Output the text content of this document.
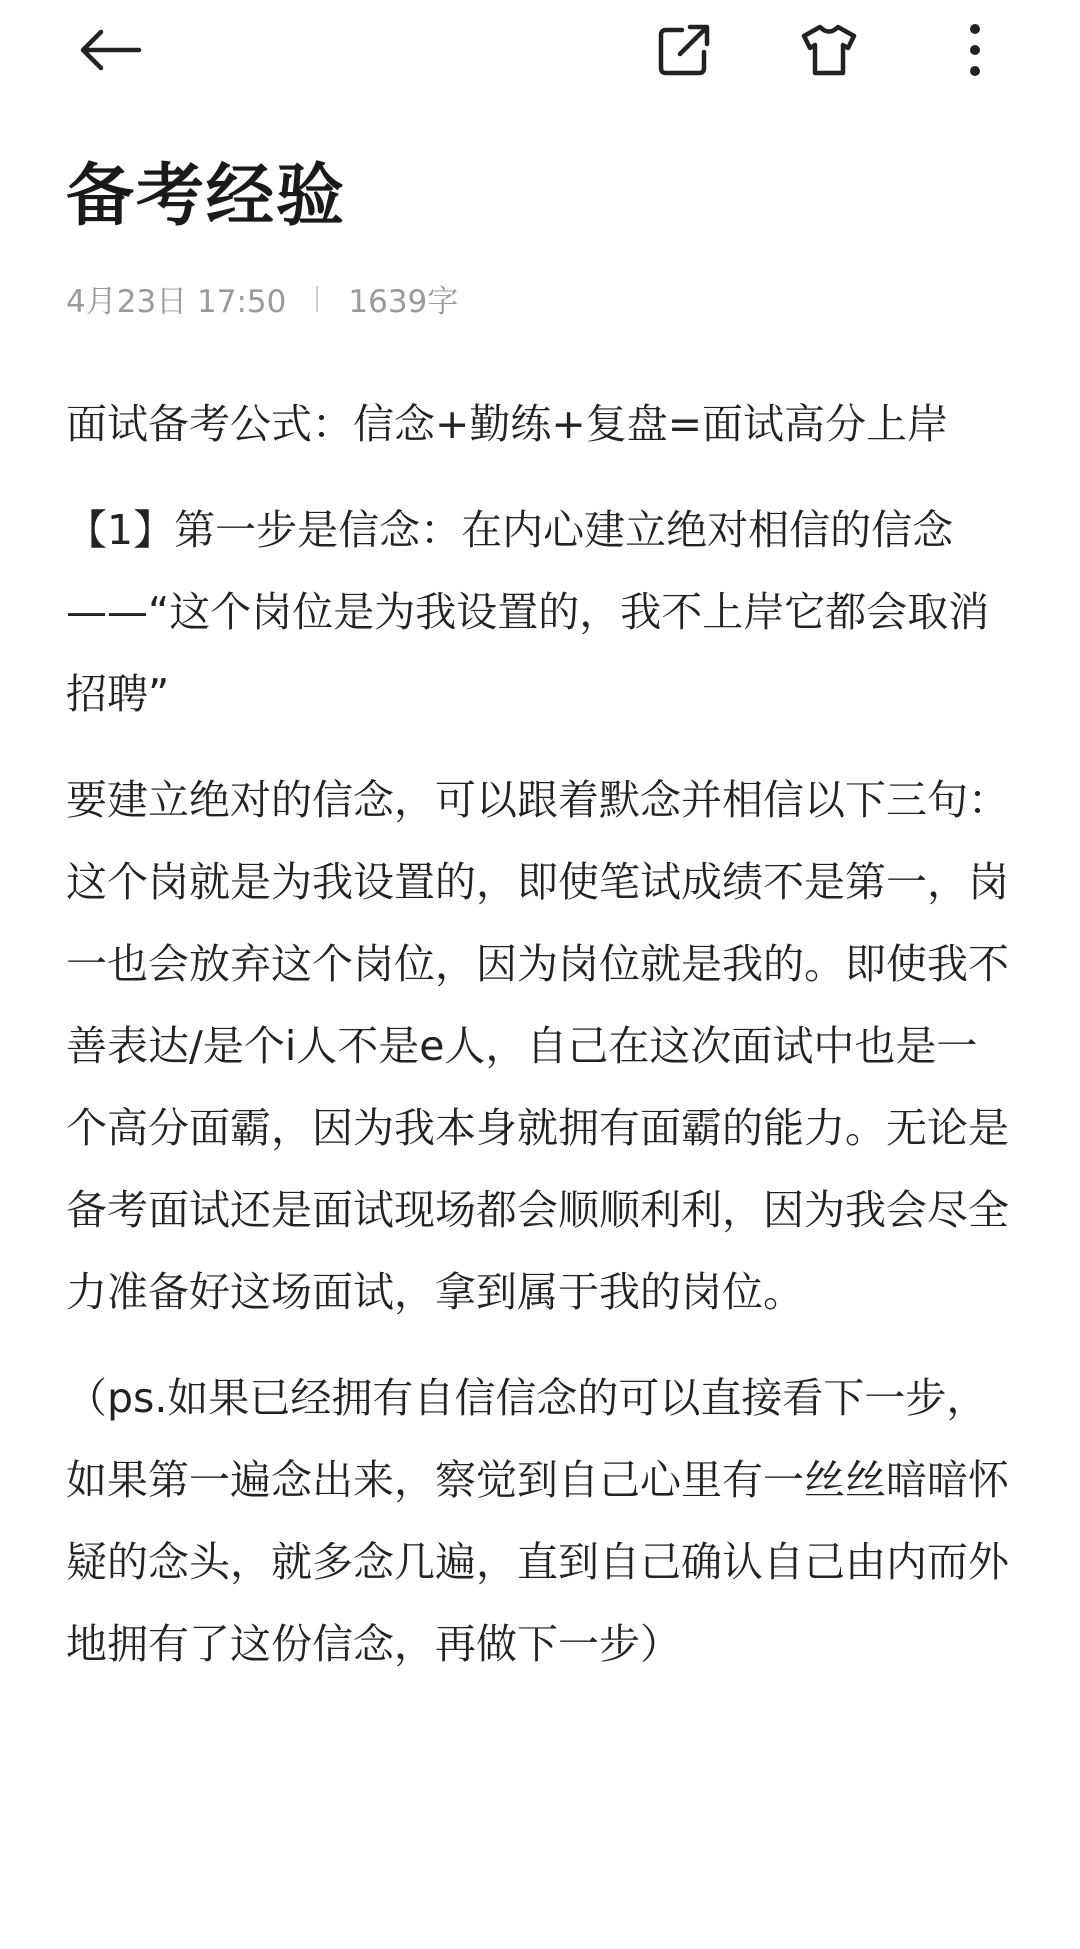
备考经验
4月23日 17:50 1639字

面试备考公式：信念+勤练+复盘=面试高分上岸

【1】第一步是信念：在内心建立绝对相信的信念——“这个岗位是为我设置的，我不上岸它都会取消招聘”

要建立绝对的信念，可以跟着默念并相信以下三句：这个岗就是为我设置的，即使笔试成绩不是第一，岗一也会放弃这个岗位，因为岗位就是我的。即使我不善表达/是个i人不是e人，自己在这次面试中也是一个高分面霸，因为我本身就拥有面霸的能力。无论是备考面试还是面试现场都会顺顺利利，因为我会尽全力准备好这场面试，拿到属于我的岗位。

（ps.如果已经拥有自信信念的可以直接看下一步，如果第一遍念出来，察觉到自己心里有一丝丝暗暗怀疑的念头，就多念几遍，直到自己确认自己由内而外地拥有了这份信念，再做下一步）
